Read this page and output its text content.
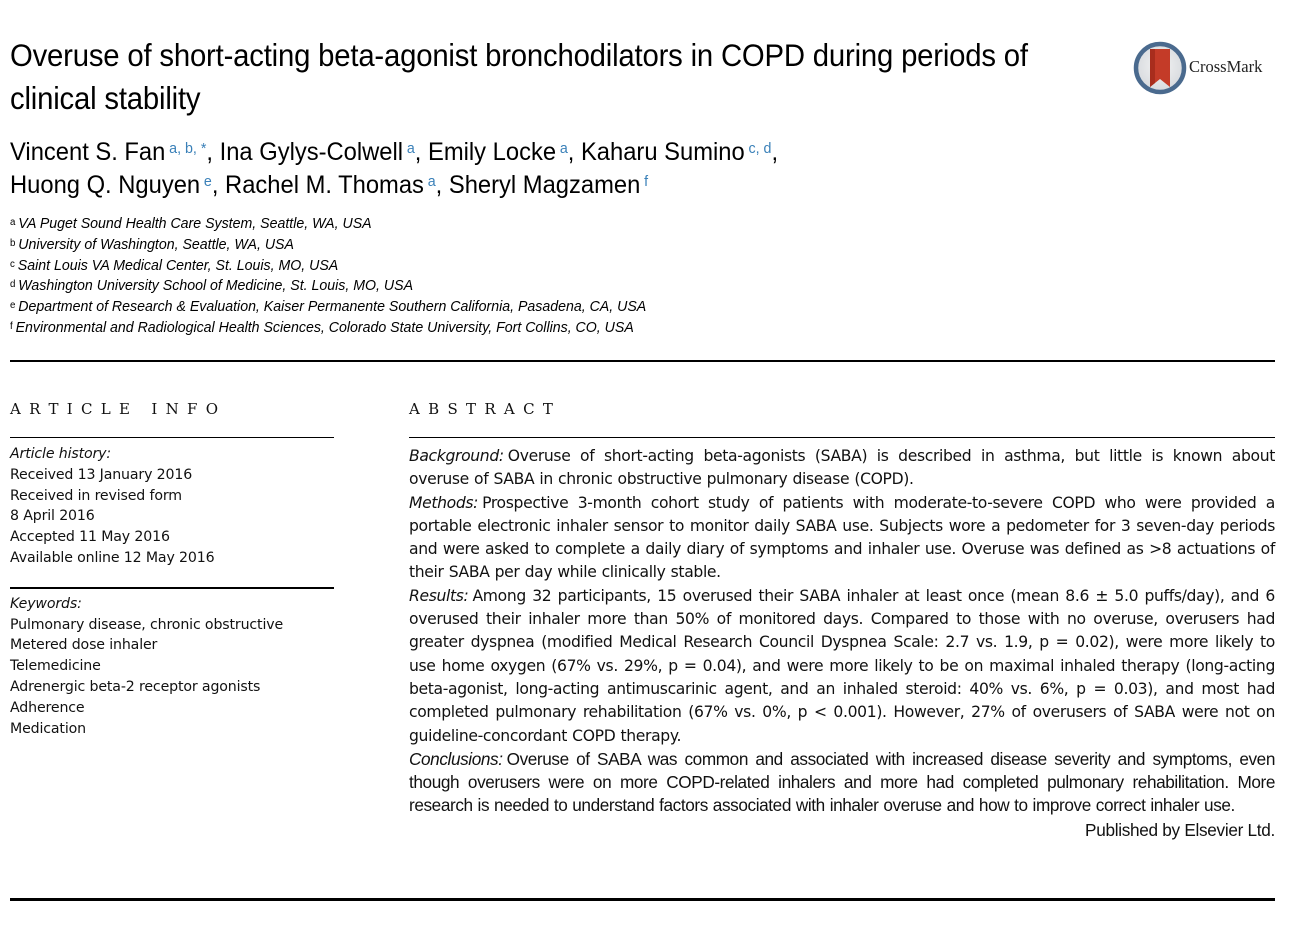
Overuse of short-acting beta-agonist bronchodilators in COPD during periods of clinical stability
CrossMark
Vincent S. Fan $^{a, b, *}$, Ina Gylys-Colwell $^a$, Emily Locke $^a$, Kaharu Sumino $^{c, d}$,
Huong Q. Nguyen $^e$, Rachel M. Thomas $^a$, Sheryl Magzamen $^f$
$^a$ VA Puget Sound Health Care System, Seattle, WA, USA
$^b$ University of Washington, Seattle, WA, USA
$^c$ Saint Louis VA Medical Center, St. Louis, MO, USA
$^d$ Washington University School of Medicine, St. Louis, MO, USA
$^e$ Department of Research & Evaluation, Kaiser Permanente Southern California, Pasadena, CA, USA
$^f$ Environmental and Radiological Health Sciences, Colorado State University, Fort Collins, CO, USA
ARTICLE INFO
Article history:
Received 13 January 2016
Received in revised form
8 April 2016
Accepted 11 May 2016
Available online 12 May 2016
Keywords:
Pulmonary disease, chronic obstructive
Metered dose inhaler
Telemedicine
Adrenergic beta-2 receptor agonists
Adherence
Medication
ABSTRACT

Background: Overuse of short-acting beta-agonists (SABA) is described in asthma, but little is known about overuse of SABA in chronic obstructive pulmonary disease (COPD).

Methods: Prospective 3-month cohort study of patients with moderate-to-severe COPD who were provided a portable electronic inhaler sensor to monitor daily SABA use. Subjects wore a pedometer for 3 seven-day periods and were asked to complete a daily diary of symptoms and inhaler use. Overuse was defined as >8 actuations of their SABA per day while clinically stable.

Results: Among 32 participants, 15 overused their SABA inhaler at least once (mean 8.6 ± 5.0 puffs/day), and 6 overused their inhaler more than 50% of monitored days. Compared to those with no overuse, overusers had greater dyspnea (modified Medical Research Council Dyspnea Scale: 2.7 vs. 1.9, p = 0.02), were more likely to use home oxygen (67% vs. 29%, p = 0.04), and were more likely to be on maximal inhaled therapy (long-acting beta-agonist, long-acting antimuscarinic agent, and an inhaled steroid: 40% vs. 6%, p = 0.03), and most had completed pulmonary rehabilitation (67% vs. 0%, p < 0.001). However, 27% of overusers of SABA were not on guideline-concordant COPD therapy.

Conclusions: Overuse of SABA was common and associated with increased disease severity and symptoms, even though overusers were on more COPD-related inhalers and more had completed pulmonary rehabilitation. More research is needed to understand factors associated with inhaler overuse and how to improve correct inhaler use.

Published by Elsevier Ltd.
